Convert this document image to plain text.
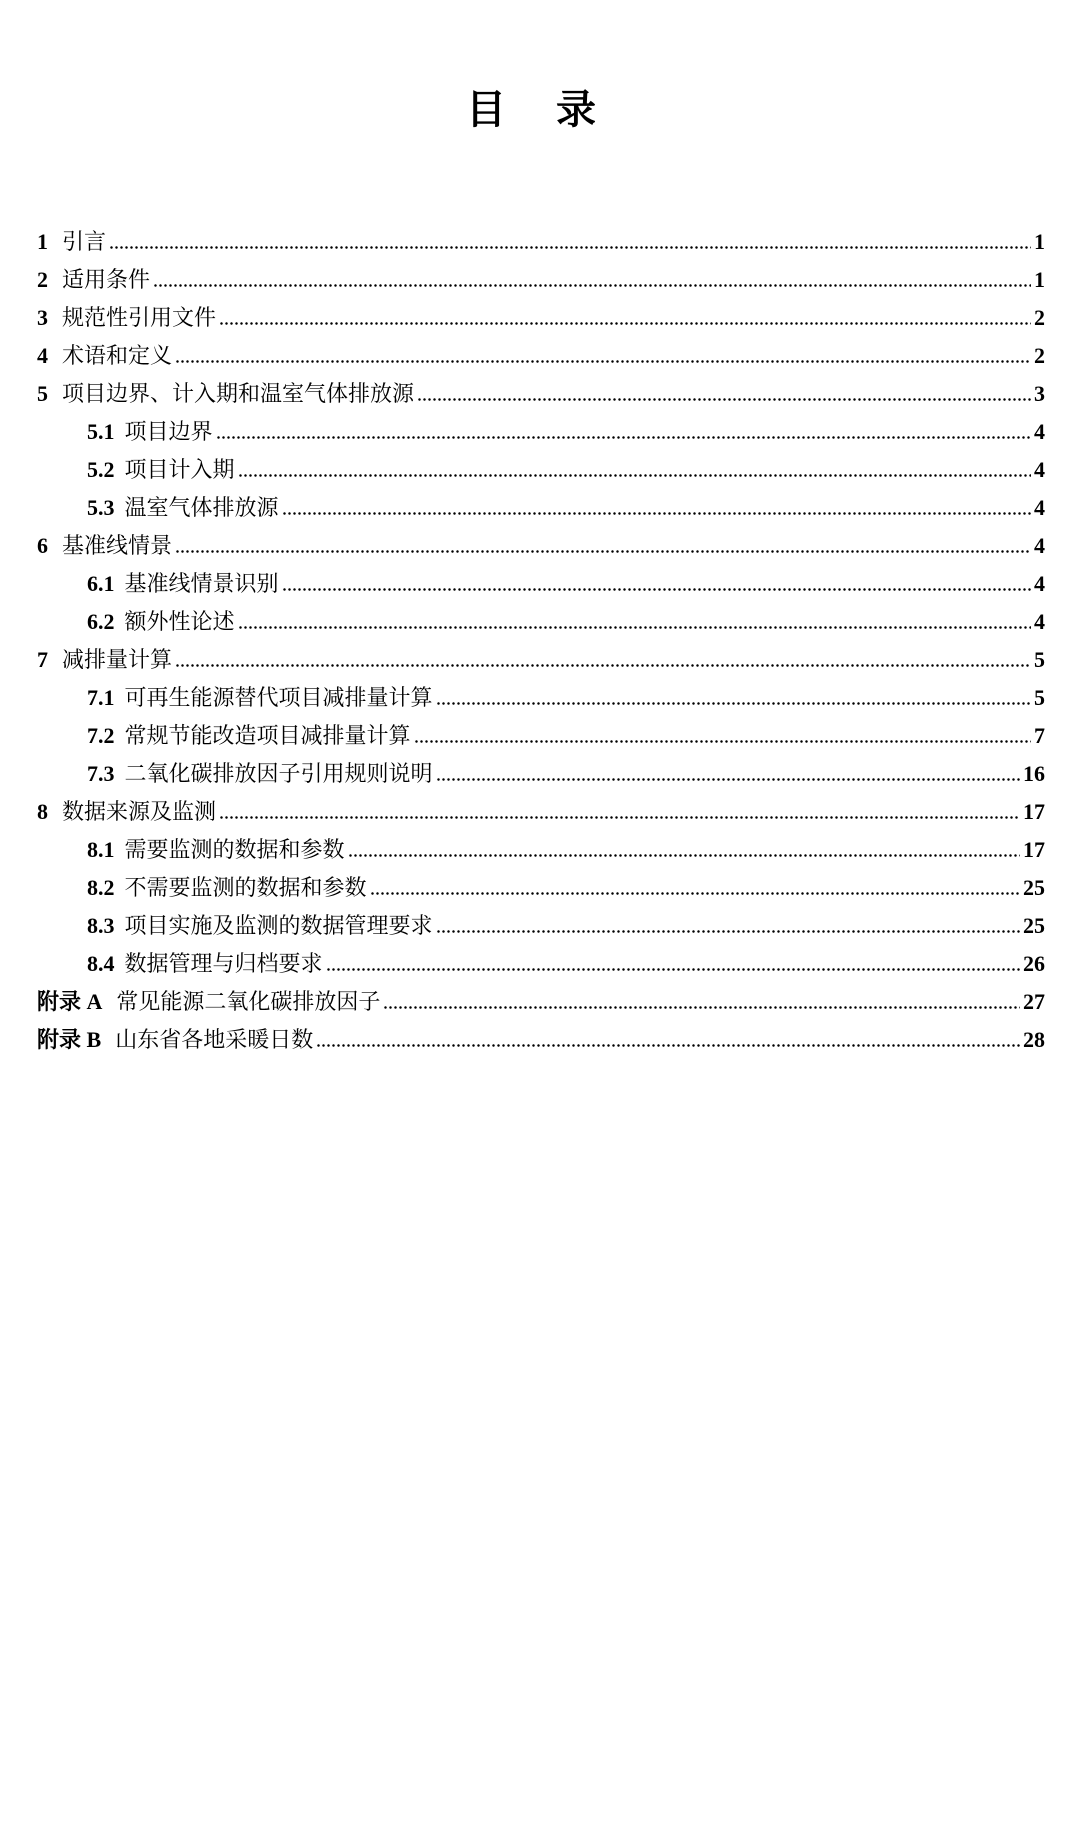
目 录
1 引言	1
2 适用条件	1
3 规范性引用文件	2
4 术语和定义	2
5 项目边界、计入期和温室气体排放源	3
5.1 项目边界	4
5.2 项目计入期	4
5.3 温室气体排放源	4
6 基准线情景	4
6.1 基准线情景识别	4
6.2 额外性论述	4
7 减排量计算	5
7.1 可再生能源替代项目减排量计算	5
7.2 常规节能改造项目减排量计算	7
7.3 二氧化碳排放因子引用规则说明	16
8 数据来源及监测	17
8.1 需要监测的数据和参数	17
8.2 不需要监测的数据和参数	25
8.3 项目实施及监测的数据管理要求	25
8.4 数据管理与归档要求	26
附录 A 常见能源二氧化碳排放因子	27
附录 B 山东省各地采暖日数	28
